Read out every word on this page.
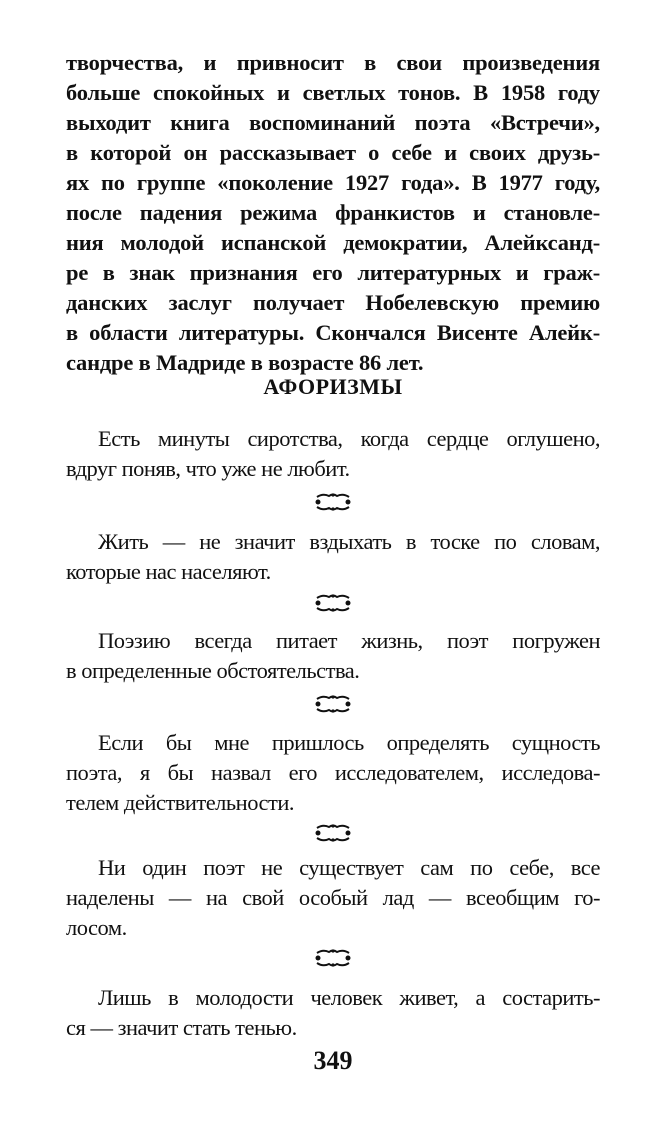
творчества, и привносит в свои произведения
больше спокойных и светлых тонов. В 1958 году
выходит книга воспоминаний поэта «Встречи»,
в которой он рассказывает о себе и своих друзь-
ях по группе «поколение 1927 года». В 1977 году,
после падения режима франкистов и становле-
ния молодой испанской демократии, Алейксанд-
ре в знак признания его литературных и граж-
данских заслуг получает Нобелевскую премию
в области литературы. Скончался Висенте Алейк-
сандре в Мадриде в возрасте 86 лет.
АФОРИЗМЫ
Есть минуты сиротства, когда сердце оглушено,
вдруг поняв, что уже не любит.
Жить — не значит вздыхать в тоске по словам,
которые нас населяют.
Поэзию всегда питает жизнь, поэт погружен
в определенные обстоятельства.
Если бы мне пришлось определять сущность
поэта, я бы назвал его исследователем, исследова-
телем действительности.
Ни один поэт не существует сам по себе, все
наделены — на свой особый лад — всеобщим го-
лосом.
Лишь в молодости человек живет, а состарить-
ся — значит стать тенью.
349
